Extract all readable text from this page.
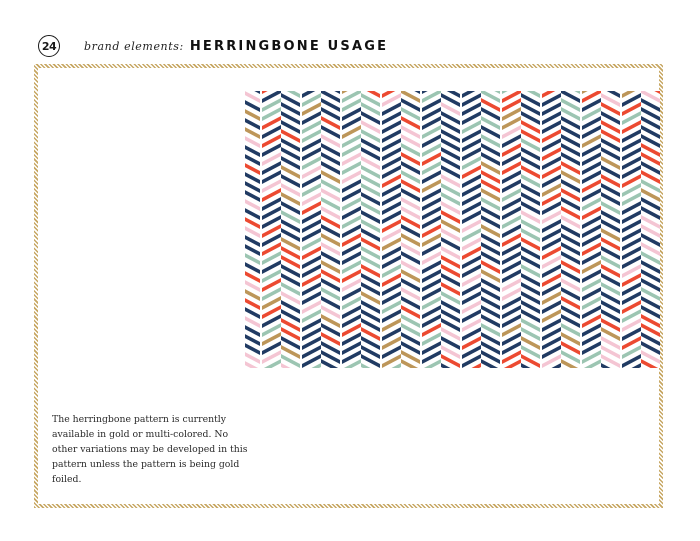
24	brand elements: HERRINGBONE USAGE
The herringbone pattern is currently available in gold or multi-colored. No other variations may be developed in this pattern unless the pattern is being gold foiled.
